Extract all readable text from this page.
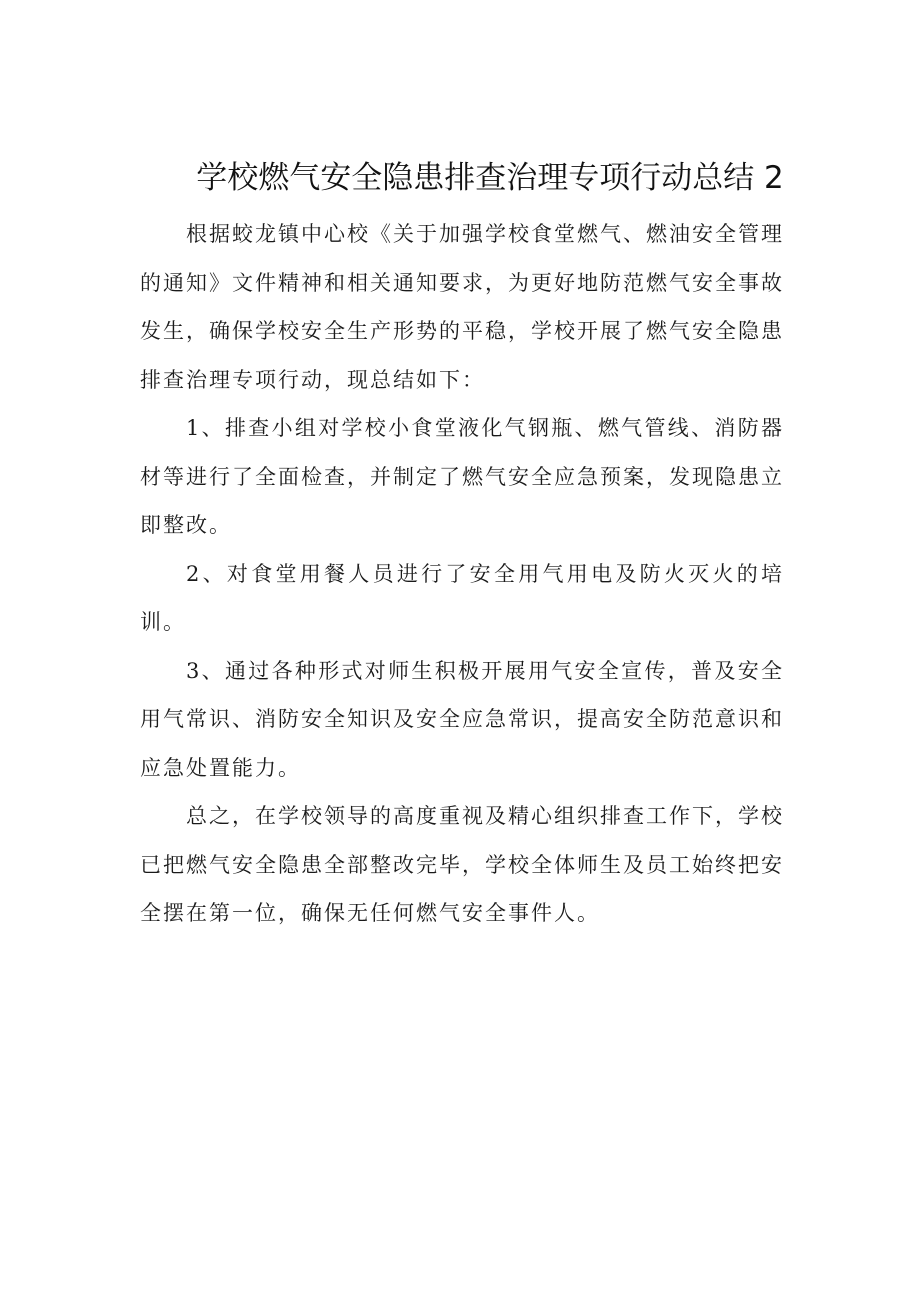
学校燃气安全隐患排查治理专项行动总结 2

根据蛟龙镇中心校《关于加强学校食堂燃气、燃油安全管理的通知》文件精神和相关通知要求，为更好地防范燃气安全事故发生，确保学校安全生产形势的平稳，学校开展了燃气安全隐患排查治理专项行动，现总结如下：

1、排查小组对学校小食堂液化气钢瓶、燃气管线、消防器材等进行了全面检查，并制定了燃气安全应急预案，发现隐患立即整改。

2、对食堂用餐人员进行了安全用气用电及防火灭火的培训。

3、通过各种形式对师生积极开展用气安全宣传，普及安全用气常识、消防安全知识及安全应急常识，提高安全防范意识和应急处置能力。

总之，在学校领导的高度重视及精心组织排查工作下，学校已把燃气安全隐患全部整改完毕，学校全体师生及员工始终把安全摆在第一位，确保无任何燃气安全事件人。
